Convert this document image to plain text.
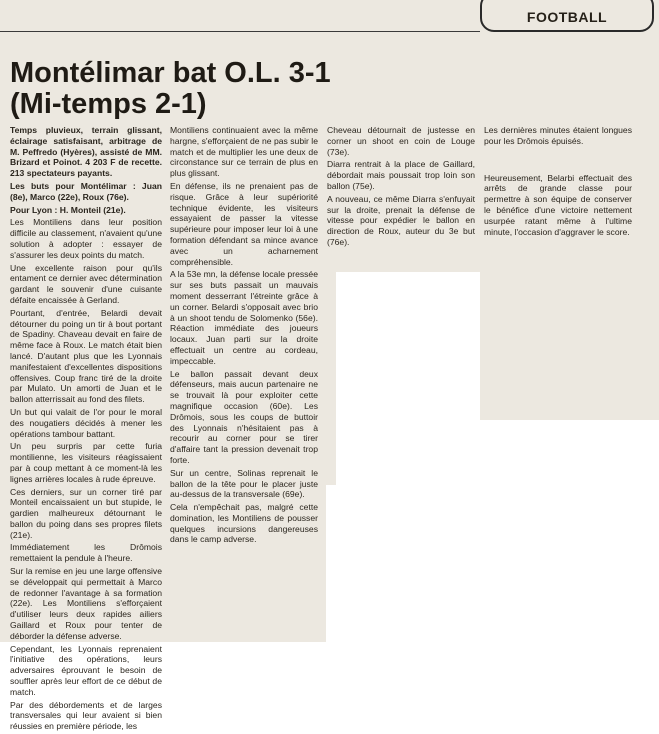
FOOTBALL
Montélimar bat O.L. 3-1
(Mi-temps 2-1)

Temps pluvieux, terrain glissant, éclairage satisfaisant, arbitrage de M. Peffredo (Hyères), assisté de MM. Brizard et Poinot. 4 203 F de recette. 213 spectateurs payants.

Les buts pour Montélimar : Juan (8e), Marco (22e), Roux (76e).

Pour Lyon : H. Monteil (21e).

Les Montiliens dans leur position difficile au classement, n'avaient qu'une solution à adopter : essayer de s'assurer les deux points du match.

Une excellente raison pour qu'ils entament ce dernier avec détermination gardant le souvenir d'une cuisante défaite encaissée à Gerland.

Pourtant, d'entrée, Belardi devait détourner du poing un tir à bout portant de Spadiny. Chaveau devait en faire de même face à Roux. Le match était bien lancé. D'autant plus que les Lyonnais manifestaient d'excellentes dispositions offensives. Coup franc tiré de la droite par Mulato. Un amorti de Juan et le ballon atterrissait au fond des filets.

Un but qui valait de l'or pour le moral des nougatiers décidés à mener les opérations tambour battant.

Un peu surpris par cette furia montilienne, les visiteurs réagissaient par à coup mettant à ce moment-là les lignes arrières locales à rude épreuve.

Ces derniers, sur un corner tiré par Monteil encaissaient un but stupide, le gardien malheureux détournant le ballon du poing dans ses propres filets (21e).

Immédiatement les Drômois remettaient la pendule à l'heure.

Sur la remise en jeu une large offensive se développait qui permettait à Marco de redonner l'avantage à sa formation (22e). Les Montiliens s'efforçaient d'utiliser leurs deux rapides ailiers Gaillard et Roux pour tenter de déborder la défense adverse.

Cependant, les Lyonnais reprenaient l'initiative des opérations, leurs adversaires éprouvant le besoin de souffler après leur effort de ce début de match.

Par des débordements et de larges transversales qui leur avaient si bien réussies en première période, les

Montiliens continuaient avec la même hargne, s'efforçaient de ne pas subir le match et de multiplier les une deux de circonstance sur ce terrain de plus en plus glissant.

En défense, ils ne prenaient pas de risque. Grâce à leur supériorité technique évidente, les visiteurs essayaient de passer la vitesse supérieure pour imposer leur loi à une formation défendant sa mince avance avec un acharnement compréhensible.

A la 53e mn, la défense locale pressée sur ses buts passait un mauvais moment desserrant l'étreinte grâce à un corner. Belardi s'opposait avec brio à un shoot tendu de Solomenko (56e). Réaction immédiate des joueurs locaux. Juan parti sur la droite effectuait un centre au cordeau, impeccable.

Le ballon passait devant deux défenseurs, mais aucun partenaire ne se trouvait là pour exploiter cette magnifique occasion (60e). Les Drômois, sous les coups de buttoir des Lyonnais n'hésitaient pas à recourir au corner pour se tirer d'affaire tant la pression devenait trop forte.

Sur un centre, Solinas reprenait le ballon de la tête pour le placer juste au-dessus de la transversale (69e).

Cela n'empêchait pas, malgré cette domination, les Montiliens de pousser quelques incursions dangereuses dans le camp adverse.

Cheveau détournait de justesse en corner un shoot en coin de Louge (73e).

Diarra rentrait à la place de Gaillard, débordait mais poussait trop loin son ballon (75e).

A nouveau, ce même Diarra s'enfuyait sur la droite, prenait la défense de vitesse pour expédier le ballon en direction de Roux, auteur du 3e but (76e).

Les dernières minutes étaient longues pour les Drômois épuisés.

Heureusement, Belarbi effectuait des arrêts de grande classe pour permettre à son équipe de conserver le bénéfice d'une victoire nettement usurpée ratant même à l'ultime minute, l'occasion d'aggraver le score.
